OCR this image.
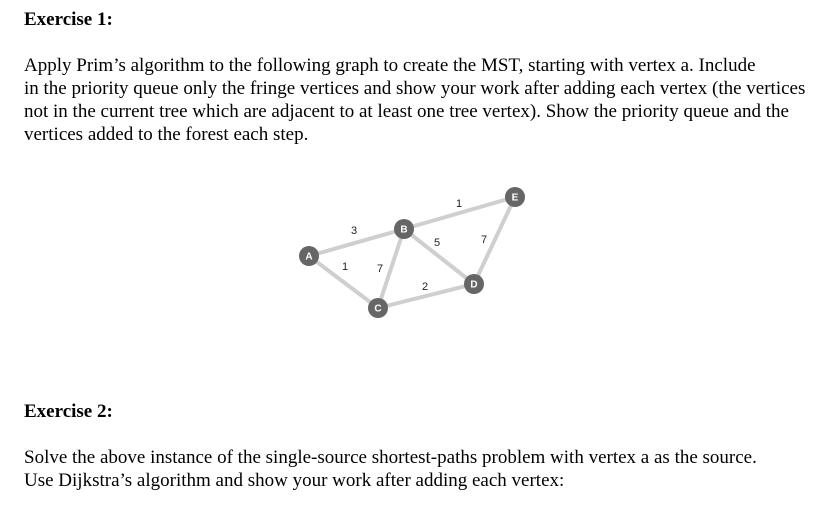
Exercise 1:

Apply Prim’s algorithm to the following graph to create the MST, starting with vertex a. Include
in the priority queue only the fringe vertices and show your work after adding each vertex (the vertices
not in the current tree which are adjacent to at least one tree vertex). Show the priority queue and the
vertices added to the forest each step.

3
1	7
5
1
2
7
A
B
C
D
E
Exercise 2:

Solve the above instance of the single-source shortest-paths problem with vertex a as the source.
Use Dijkstra’s algorithm and show your work after adding each vertex:
